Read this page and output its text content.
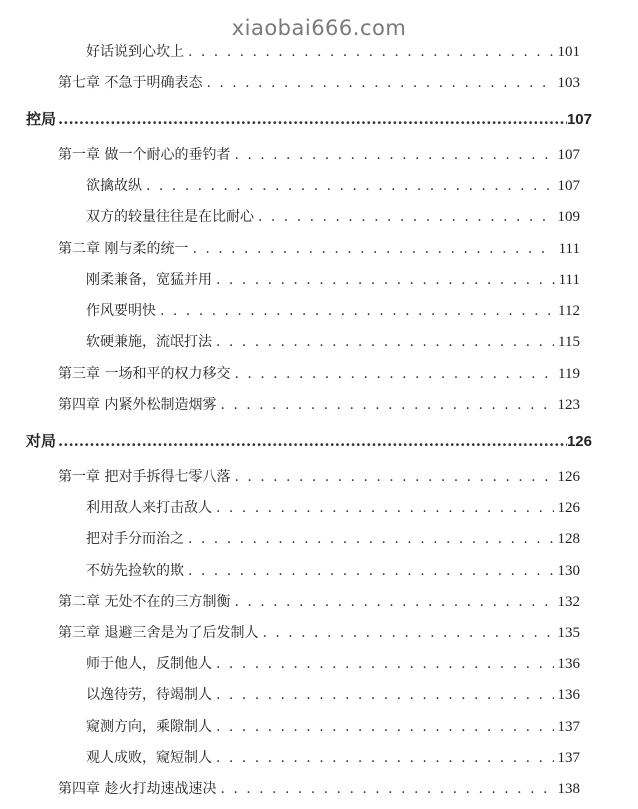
xiaobai666.com
好话说到心坎上 . . .	101
第七章 不急于明确表态 . . .	103
控局 .....	107
第一章 做一个耐心的垂钓者 . . .	107
欲擒故纵 . . .	107
双方的较量往往是在比耐心 . . .	109
第二章 刚与柔的统一 . . .	111
刚柔兼备，宽猛并用 . . .	111
作风要明快 . . .	112
软硬兼施，流氓打法 . . .	115
第三章 一场和平的权力移交 . . .	119
第四章 内紧外松制造烟雾 . . .	123
对局 .....	126
第一章 把对手拆得七零八落 . . .	126
利用敌人来打击敌人 . . .	126
把对手分而治之 . . .	128
不妨先捡软的欺 . . .	130
第二章 无处不在的三方制衡 . . .	132
第三章 退避三舍是为了后发制人 . . .	135
师于他人，反制他人 . . .	136
以逸待劳，待竭制人 . . .	136
窥测方向，乘隙制人 . . .	137
观人成败，窥短制人 . . .	137
第四章 趁火打劫速战速决 . . .	138
